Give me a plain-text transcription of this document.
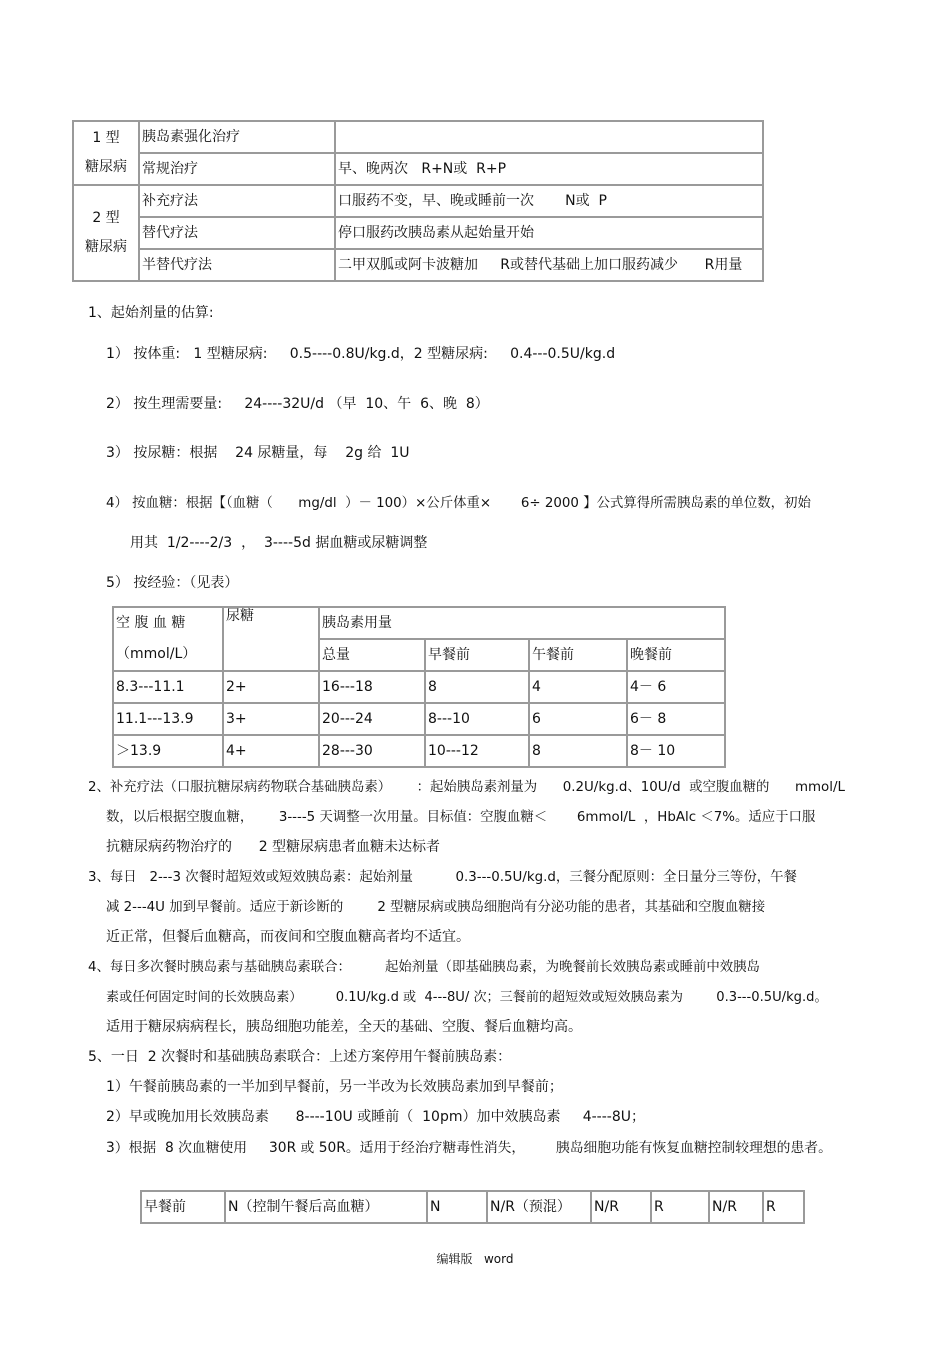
1 型
糖尿病	胰岛素强化治疗	
	常规治疗	早、晚两次   R+N或  R+P
2 型
糖尿病	补充疗法	口服药不变，早、晚或睡前一次       N或  P
	替代疗法	停口服药改胰岛素从起始量开始
	半替代疗法	二甲双胍或阿卡波糖加     R或替代基础上加口服药减少      R用量
1、起始剂量的估算:
1） 按体重:   1 型糖尿病:     0.5----0.8U/kg.d，2 型糖尿病:     0.4---0.5U/kg.d
2） 按生理需要量:     24----32U/d （早  10、午  6、晚  8）
3） 按尿糖：根据    24 尿糖量，每    2g 给  1U
4） 按血糖：根据【（血糖（      mg/dl  ）－ 100）×公斤体重×       6÷ 2000 】公式算得所需胰岛素的单位数，初始
用其  1/2----2/3  ，  3----5d 据血糖或尿糖调整
5） 按经验：（见表）
空 腹 血 糖
（mmol/L）	尿糖	胰岛素用量			
		总量	早餐前	午餐前	晚餐前
8.3---11.1	2+	16---18	8	4	4－ 6
11.1---13.9	3+	20---24	8---10	6	6－ 8
＞13.9	4+	28---30	10---12	8	8－ 10
2、补充疗法（口服抗糖尿病药物联合基础胰岛素）      ：起始胰岛素剂量为      0.2U/kg.d、10U/d  或空腹血糖的      mmol/L
数，以后根据空腹血糖，      3----5 天调整一次用量。目标值：空腹血糖＜       6mmol/L  ，HbAlc ＜7%。适应于口服
抗糖尿病药物治疗的      2 型糖尿病患者血糖未达标者
3、每日   2---3 次餐时超短效或短效胰岛素：起始剂量          0.3---0.5U/kg.d，三餐分配原则：全日量分三等份，午餐
减 2---4U 加到早餐前。适应于新诊断的        2 型糖尿病或胰岛细胞尚有分泌功能的患者，其基础和空腹血糖接
近正常，但餐后血糖高，而夜间和空腹血糖高者均不适宜。
4、每日多次餐时胰岛素与基础胰岛素联合：        起始剂量（即基础胰岛素，为晚餐前长效胰岛素或睡前中效胰岛
素或任何固定时间的长效胰岛素）        0.1U/kg.d 或  4---8U/ 次；三餐前的超短效或短效胰岛素为        0.3---0.5U/kg.d。
适用于糖尿病病程长，胰岛细胞功能差，全天的基础、空腹、餐后血糖均高。
5、一日  2 次餐时和基础胰岛素联合：上述方案停用午餐前胰岛素：
1）午餐前胰岛素的一半加到早餐前，另一半改为长效胰岛素加到早餐前；
2）早或晚加用长效胰岛素      8----10U 或睡前（  10pm）加中效胰岛素     4----8U；
3）根据  8 次血糖使用     30R 或 50R。适用于经治疗糖毒性消失，       胰岛细胞功能有恢复血糖控制较理想的患者。
早餐前	N（控制午餐后高血糖）	N	N/R（预混）	N/R	R	N/R	R
编辑版   word
